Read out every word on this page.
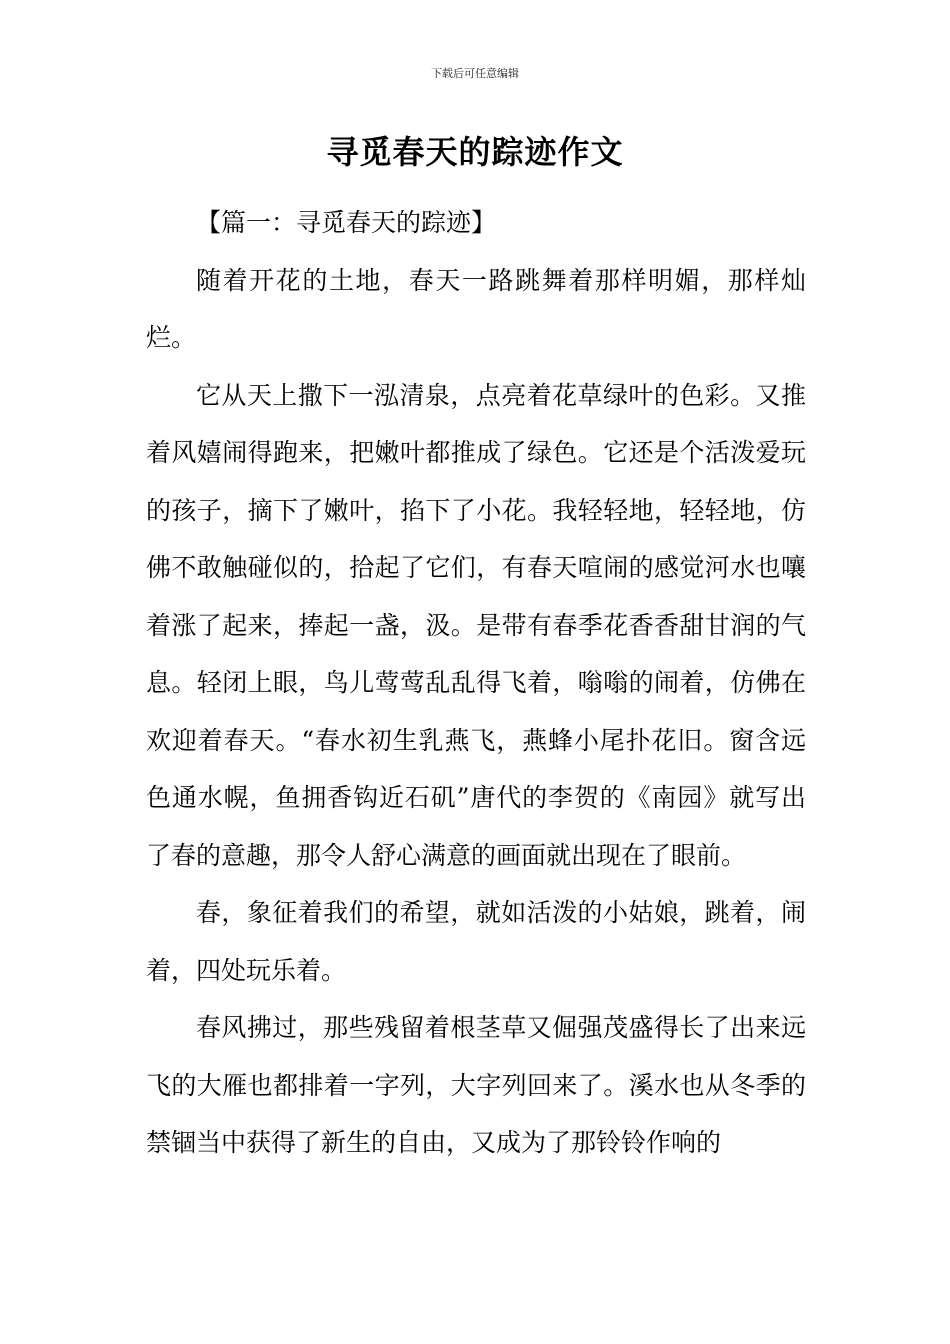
下载后可任意编辑
寻觅春天的踪迹作文

【篇一：寻觅春天的踪迹】

随着开花的土地，春天一路跳舞着那样明媚，那样灿烂。

它从天上撒下一泓清泉，点亮着花草绿叶的色彩。又推着风嬉闹得跑来，把嫩叶都推成了绿色。它还是个活泼爱玩的孩子，摘下了嫩叶，掐下了小花。我轻轻地，轻轻地，仿佛不敢触碰似的，拾起了它们，有春天喧闹的感觉河水也嚷着涨了起来，捧起一盏，汲。是带有春季花香香甜甘润的气息。轻闭上眼，鸟儿莺莺乱乱得飞着，嗡嗡的闹着，仿佛在欢迎着春天。“春水初生乳燕飞，燕蜂小尾扑花旧。窗含远色通水幌，鱼拥香钩近石矶”唐代的李贺的《南园》就写出了春的意趣，那令人舒心满意的画面就出现在了眼前。

春，象征着我们的希望，就如活泼的小姑娘，跳着，闹着，四处玩乐着。

春风拂过，那些残留着根茎草又倔强茂盛得长了出来远飞的大雁也都排着一字列，大字列回来了。溪水也从冬季的禁锢当中获得了新生的自由，又成为了那铃铃作响的
